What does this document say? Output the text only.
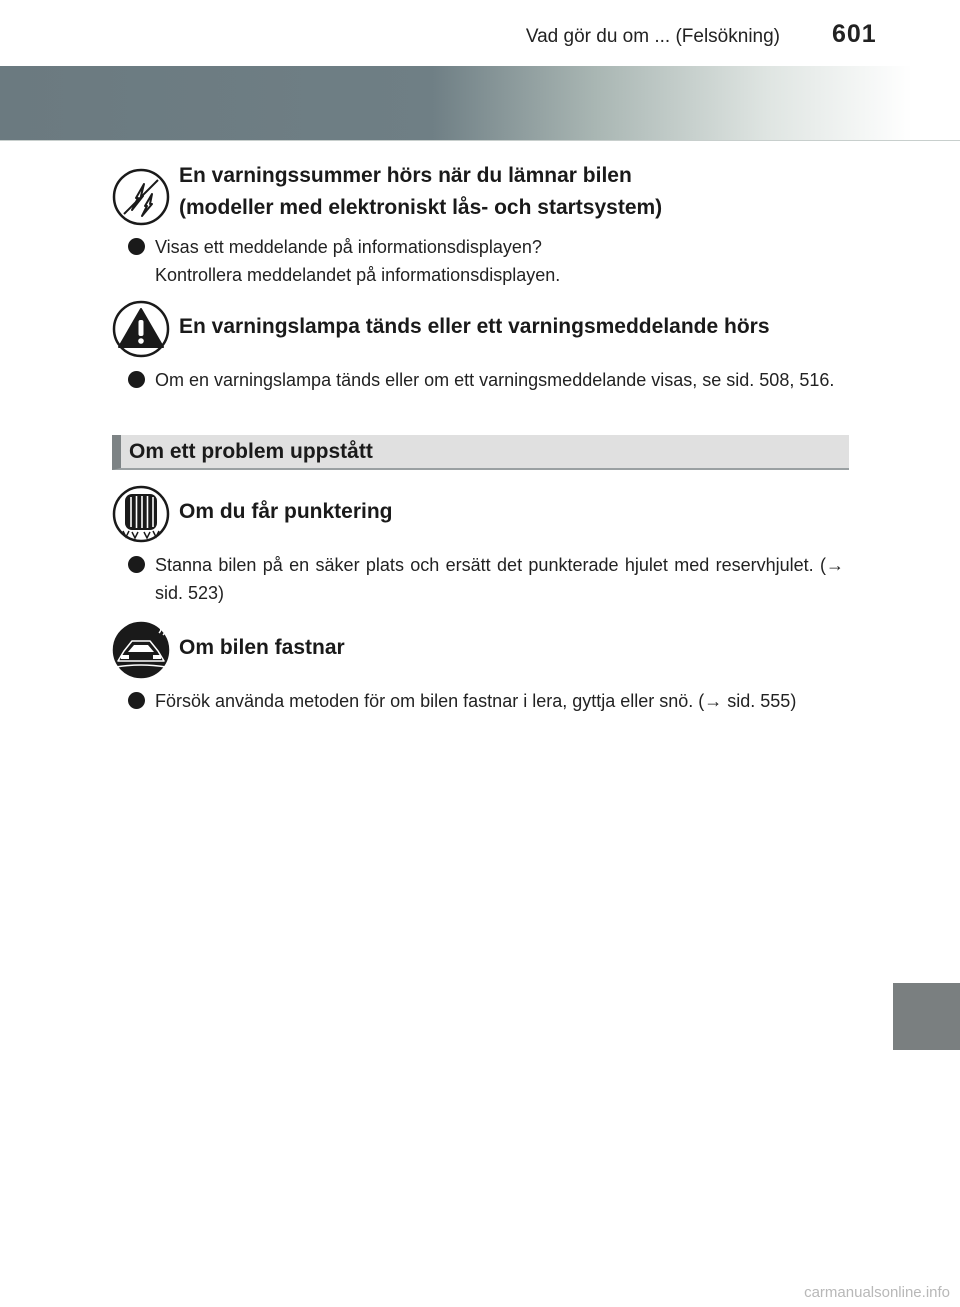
Vad gör du om ... (Felsökning) 601
En varningssummer hörs när du lämnar bilen
(modeller med elektroniskt lås- och startsystem)
Visas ett meddelande på informationsdisplayen?
Kontrollera meddelandet på informationsdisplayen.
En varningslampa tänds eller ett varningsmeddelande hörs
Om en varningslampa tänds eller om ett varningsmeddelande visas, se sid. 508, 516.
Om ett problem uppstått
Om du får punktering
Stanna bilen på en säker plats och ersätt det punkterade hjulet med reservhjulet. (→ sid. 523)
Om bilen fastnar
Försök använda metoden för om bilen fastnar i lera, gyttja eller snö. (→ sid. 555)
carmanualsonline.info
